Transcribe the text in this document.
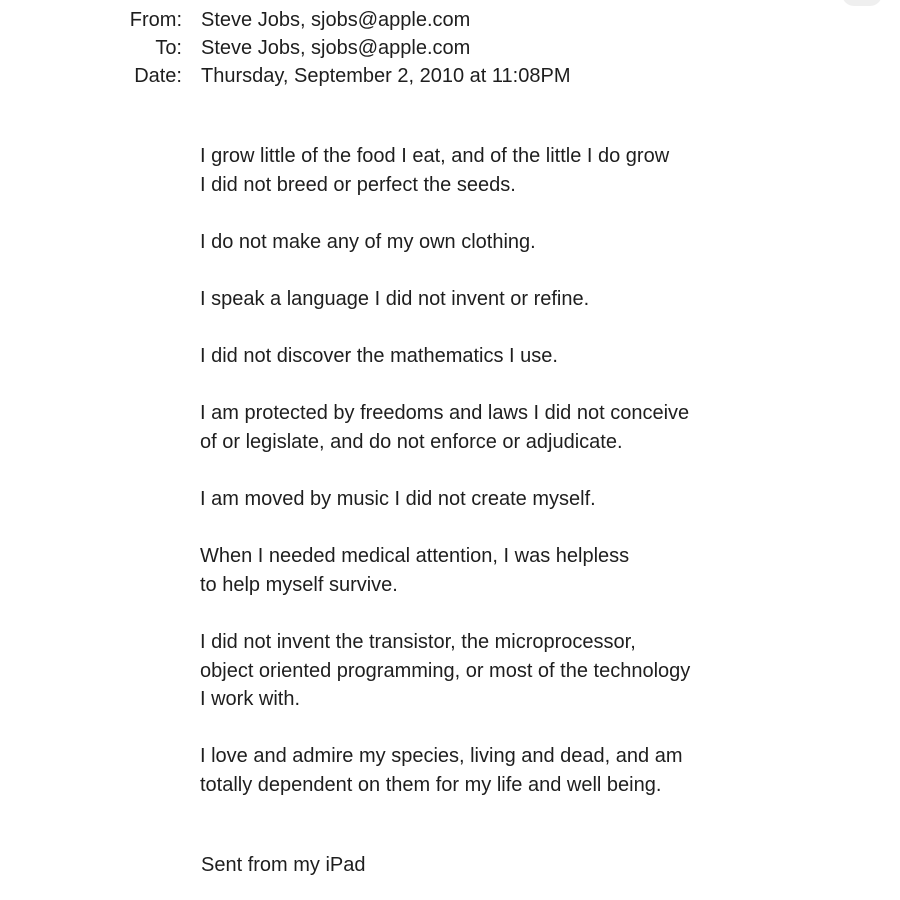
From: Steve Jobs, sjobs@apple.com
To: Steve Jobs, sjobs@apple.com
Date: Thursday, September 2, 2010 at 11:08PM

I grow little of the food I eat, and of the little I do grow
I did not breed or perfect the seeds.

I do not make any of my own clothing.

I speak a language I did not invent or refine.

I did not discover the mathematics I use.

I am protected by freedoms and laws I did not conceive
of or legislate, and do not enforce or adjudicate.

I am moved by music I did not create myself.

When I needed medical attention, I was helpless
to help myself survive.

I did not invent the transistor, the microprocessor,
object oriented programming, or most of the technology
I work with.

I love and admire my species, living and dead, and am
totally dependent on them for my life and well being.

Sent from my iPad
